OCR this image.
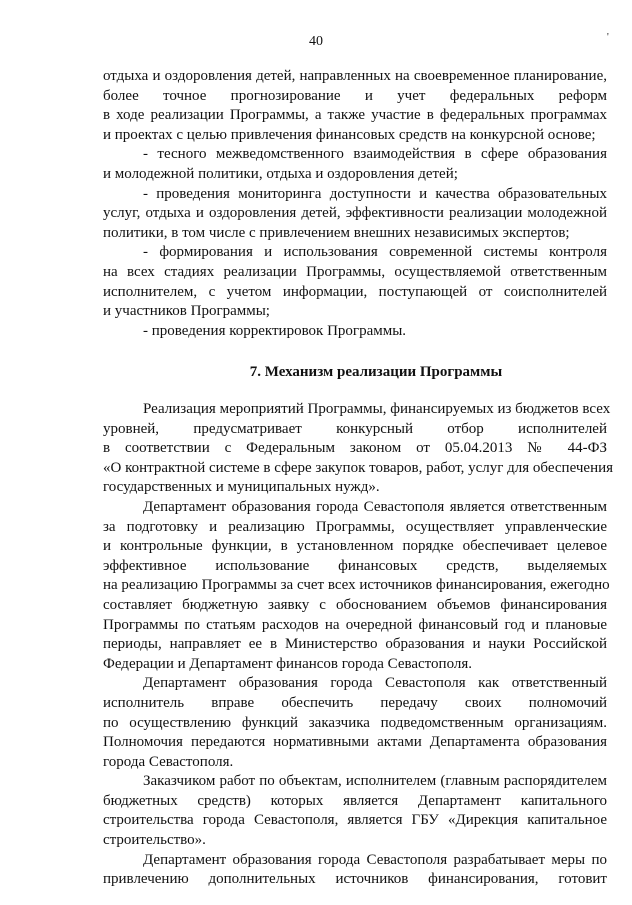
40	'
отдыха и оздоровления детей, направленных на своевременное планирование,
более точное прогнозирование и учет федеральных реформ
в ходе реализации Программы, а также участие в федеральных программах
и проектах с целью привлечения финансовых средств на конкурсной основе;
- тесного межведомственного взаимодействия в сфере образования
и молодежной политики, отдыха и оздоровления детей;
- проведения мониторинга доступности и качества образовательных
услуг, отдыха и оздоровления детей, эффективности реализации молодежной
политики, в том числе с привлечением внешних независимых экспертов;
- формирования и использования современной системы контроля
на всех стадиях реализации Программы, осуществляемой ответственным
исполнителем, с учетом информации, поступающей от соисполнителей
и участников Программы;
- проведения корректировок Программы.
7. Механизм реализации Программы
Реализация мероприятий Программы, финансируемых из бюджетов всех
уровней, предусматривает конкурсный отбор исполнителей
в соответствии с Федеральным законом от 05.04.2013 № 44-ФЗ
«О контрактной системе в сфере закупок товаров, работ, услуг для обеспечения
государственных и муниципальных нужд».
Департамент образования города Севастополя является ответственным
за подготовку и реализацию Программы, осуществляет управленческие
и контрольные функции, в установленном порядке обеспечивает целевое
эффективное использование финансовых средств, выделяемых
на реализацию Программы за счет всех источников финансирования, ежегодно
составляет бюджетную заявку с обоснованием объемов финансирования
Программы по статьям расходов на очередной финансовый год и плановые
периоды, направляет ее в Министерство образования и науки Российской
Федерации и Департамент финансов города Севастополя.
Департамент образования города Севастополя как ответственный
исполнитель вправе обеспечить передачу своих полномочий
по осуществлению функций заказчика подведомственным организациям.
Полномочия передаются нормативными актами Департамента образования
города Севастополя.
Заказчиком работ по объектам, исполнителем (главным распорядителем
бюджетных средств) которых является Департамент капитального
строительства города Севастополя, является ГБУ «Дирекция капитальное
строительство».
Департамент образования города Севастополя разрабатывает меры по
привлечению дополнительных источников финансирования, готовит
